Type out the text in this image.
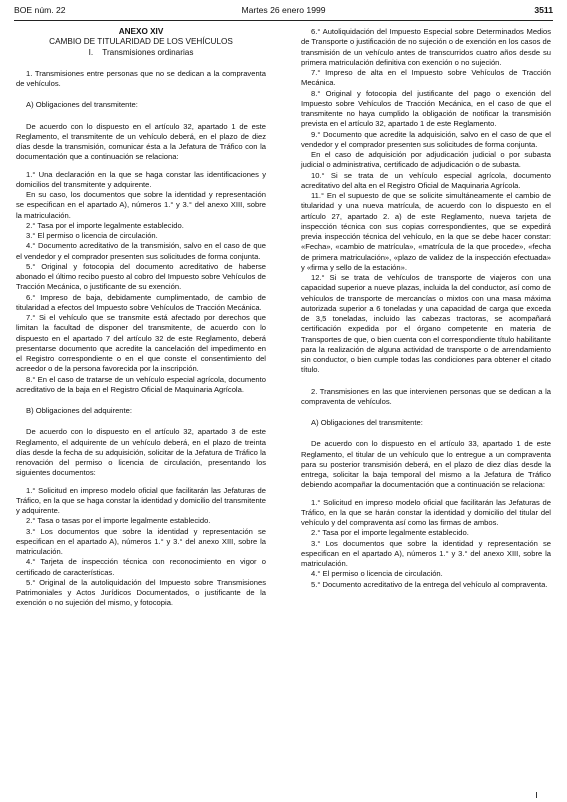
BOE núm. 22	Martes 26 enero 1999	3511

ANEXO XIV

CAMBIO DE TITULARIDAD DE LOS VEHÍCULOS

I. Transmisiones ordinarias

1. Transmisiones entre personas que no se dedican a la compraventa de vehículos.

A) Obligaciones del transmitente:

De acuerdo con lo dispuesto en el artículo 32, apartado 1 de este Reglamento, el transmitente de un vehículo deberá, en el plazo de diez días desde la transmisión, comunicar ésta a la Jefatura de Tráfico con la documentación que a continuación se relaciona:

1.° Una declaración en la que se haga constar las identificaciones y domicilios del transmitente y adquirente.

En su caso, los documentos que sobre la identidad y representación se especifican en el apartado A), números 1.° y 3.° del anexo XIII, sobre la matriculación.

2.° Tasa por el importe legalmente establecido.

3.° El permiso o licencia de circulación.

4.° Documento acreditativo de la transmisión, salvo en el caso de que el vendedor y el comprador presenten sus solicitudes de forma conjunta.

5.° Original y fotocopia del documento acreditativo de haberse abonado el último recibo puesto al cobro del Impuesto sobre Vehículos de Tracción Mecánica, o justificante de su exención.

6.° Impreso de baja, debidamente cumplimentado, de cambio de titularidad a efectos del Impuesto sobre Vehículos de Tracción Mecánica.

7.° Si el vehículo que se transmite está afectado por derechos que limitan la facultad de disponer del transmitente, de acuerdo con lo dispuesto en el apartado 7 del artículo 32 de este Reglamento, deberá presentarse documento que acredite la cancelación del impedimento en el Registro correspondiente o en el que conste el consentimiento del acreedor o de la persona favorecida por la inscripción.

8.° En el caso de tratarse de un vehículo especial agrícola, documento acreditativo de la baja en el Registro Oficial de Maquinaria Agrícola.

B) Obligaciones del adquirente:

De acuerdo con lo dispuesto en el artículo 32, apartado 3 de este Reglamento, el adquirente de un vehículo deberá, en el plazo de treinta días desde la fecha de su adquisición, solicitar de la Jefatura de Tráfico la renovación del permiso o licencia de circulación, presentando los siguientes documentos:

1.° Solicitud en impreso modelo oficial que facilitarán las Jefaturas de Tráfico, en la que se haga constar la identidad y domicilio del transmitente y adquirente.

2.° Tasa o tasas por el importe legalmente establecido.

3.° Los documentos que sobre la identidad y representación se especifican en el apartado A), números 1.° y 3.° del anexo XIII, sobre la matriculación.

4.° Tarjeta de inspección técnica con reconocimiento en vigor o certificado de características.

5.° Original de la autoliquidación del Impuesto sobre Transmisiones Patrimoniales y Actos Jurídicos Documentados, o justificante de la exención o no sujeción del mismo, y fotocopia.

6.° Autoliquidación del Impuesto Especial sobre Determinados Medios de Transporte o justificación de no sujeción o de exención en los casos de transmisión de un vehículo antes de transcurridos cuatro años desde su primera matriculación definitiva con exención o no sujeción.

7.° Impreso de alta en el Impuesto sobre Vehículos de Tracción Mecánica.

8.° Original y fotocopia del justificante del pago o exención del Impuesto sobre Vehículos de Tracción Mecánica, en el caso de que el transmitente no haya cumplido la obligación de notificar la transmisión prevista en el artículo 32, apartado 1 de este Reglamento.

9.° Documento que acredite la adquisición, salvo en el caso de que el vendedor y el comprador presenten sus solicitudes de forma conjunta.

En el caso de adquisición por adjudicación judicial o por subasta judicial o administrativa, certificado de adjudicación o de subasta.

10.° Si se trata de un vehículo especial agrícola, documento acreditativo del alta en el Registro Oficial de Maquinaria Agrícola.

11.° En el supuesto de que se solicite simultáneamente el cambio de titularidad y una nueva matrícula, de acuerdo con lo dispuesto en el artículo 27, apartado 2. a) de este Reglamento, nueva tarjeta de inspección técnica con sus copias correspondientes, que se expedirá previa inspección técnica del vehículo, en la que se debe hacer constar: «Fecha», «cambio de matrícula», «matrícula de la que procede», «fecha de primera matriculación», «plazo de validez de la inspección efectuada» y «firma y sello de la estación».

12.° Si se trata de vehículos de transporte de viajeros con una capacidad superior a nueve plazas, incluida la del conductor, así como de vehículos de transporte de mercancías o mixtos con una masa máxima autorizada superior a 6 toneladas y una capacidad de carga que exceda de 3,5 toneladas, incluido las cabezas tractoras, se acompañará certificación expedida por el órgano competente en materia de Transportes de que, o bien cuenta con el correspondiente título habilitante para la realización de alguna actividad de transporte o de arrendamiento sin conductor, o bien cumple todas las condiciones para obtener el citado título.

2. Transmisiones en las que intervienen personas que se dedican a la compraventa de vehículos.

A) Obligaciones del transmitente:

De acuerdo con lo dispuesto en el artículo 33, apartado 1 de este Reglamento, el titular de un vehículo que lo entregue a un compraventa para su posterior transmisión deberá, en el plazo de diez días desde la entrega, solicitar la baja temporal del mismo a la Jefatura de Tráfico debiendo acompañar la documentación que a continuación se relaciona:

1.° Solicitud en impreso modelo oficial que facilitarán las Jefaturas de Tráfico, en la que se harán constar la identidad y domicilio del titular del vehículo y del compraventa así como las firmas de ambos.

2.° Tasa por el importe legalmente establecido.

3.° Los documentos que sobre la identidad y representación se especifican en el apartado A), números 1.° y 3.° del anexo XIII, sobre la matriculación.

4.° El permiso o licencia de circulación.

5.° Documento acreditativo de la entrega del vehículo al compraventa.
